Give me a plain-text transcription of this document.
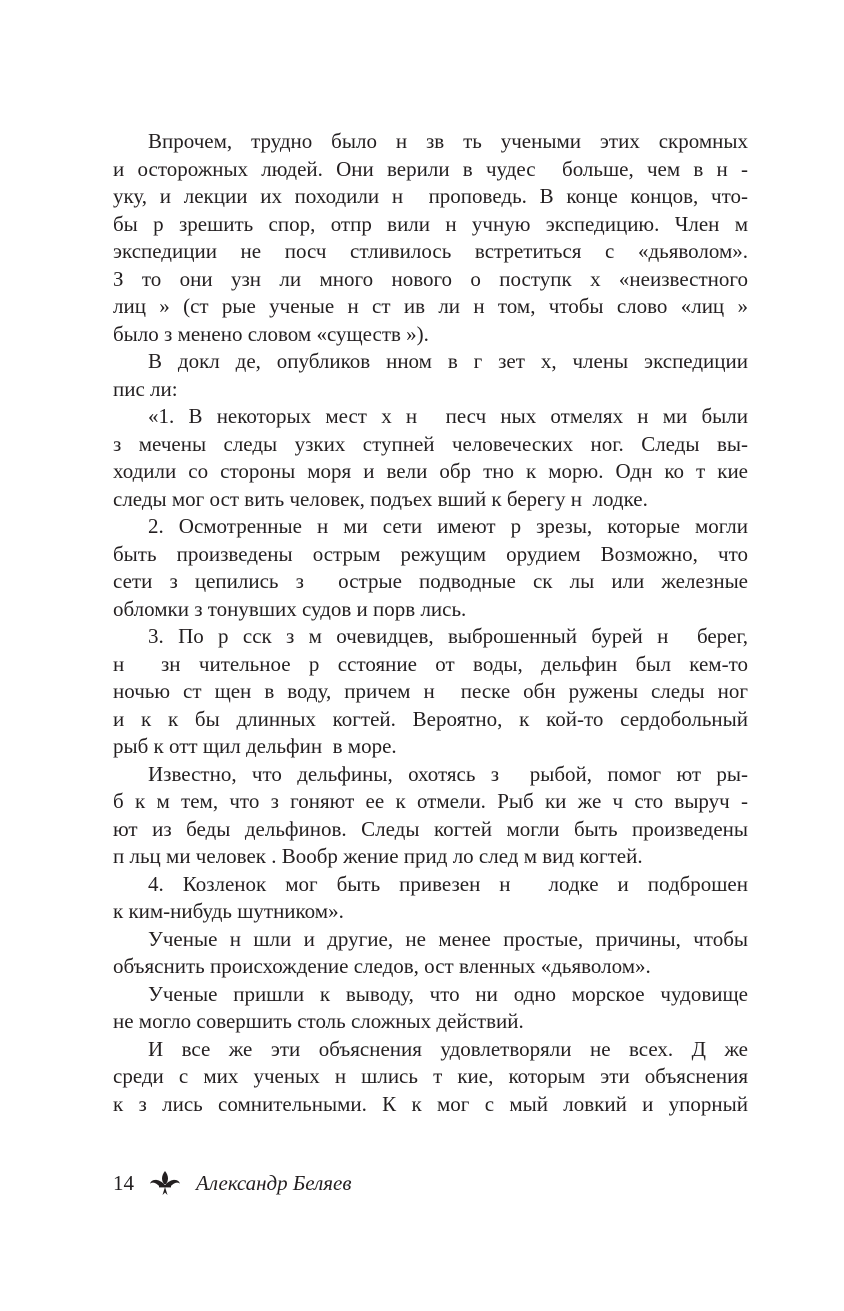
Впрочем, трудно было н зв ть учеными этих скромных
и осторожных людей. Они верили в чудес  больше, чем в н -
уку, и лекции их походили н  проповедь. В конце концов, что-
бы р зрешить спор, отпр вили н учную экспедицию. Член м
экспедиции не посч стливилось встретиться с «дьяволом».
З то они узн ли много нового о поступк х «неизвестного
лиц » (ст рые ученые н ст ив ли н том, чтобы слово «лиц »
было з менено словом «существ »).
В докл де, опубликов нном в г зет х, члены экспедиции
пис ли:
«1. В некоторых мест х н  песч ных отмелях н ми были
з мечены следы узких ступней человеческих ног. Следы вы-
ходили со стороны моря и вели обр тно к морю. Одн ко т кие
следы мог ост вить человек, подъех вший к берегу н  лодке.
2. Осмотренные н ми сети имеют р зрезы, которые могли
быть произведены острым режущим орудием Возможно, что
сети з цепились з  острые подводные ск лы или железные
обломки з тонувших судов и порв лись.
3. По р сск з м очевидцев, выброшенный бурей н  берег,
н  зн чительное р сстояние от воды, дельфин был кем-то
ночью ст щен в воду, причем н  песке обн ружены следы ног
и к к бы длинных когтей. Вероятно, к кой-то сердобольный
рыб к отт щил дельфин  в море.
Известно, что дельфины, охотясь з  рыбой, помог ют ры-
б к м тем, что з гоняют ее к отмели. Рыб ки же ч сто выруч -
ют из беды дельфинов. Следы когтей могли быть произведены
п льц ми человек . Вообр жение прид ло след м вид когтей.
4. Козленок мог быть привезен н  лодке и подброшен
к ким-нибудь шутником».
Ученые н шли и другие, не менее простые, причины, чтобы
объяснить происхождение следов, ост вленных «дьяволом».
Ученые пришли к выводу, что ни одно морское чудовище
не могло совершить столь сложных действий.
И все же эти объяснения удовлетворяли не всех. Д же
среди с мих ученых н шлись т кие, которым эти объяснения
к з лись сомнительными. К к мог с мый ловкий и упорный
14	Александр Беляев
